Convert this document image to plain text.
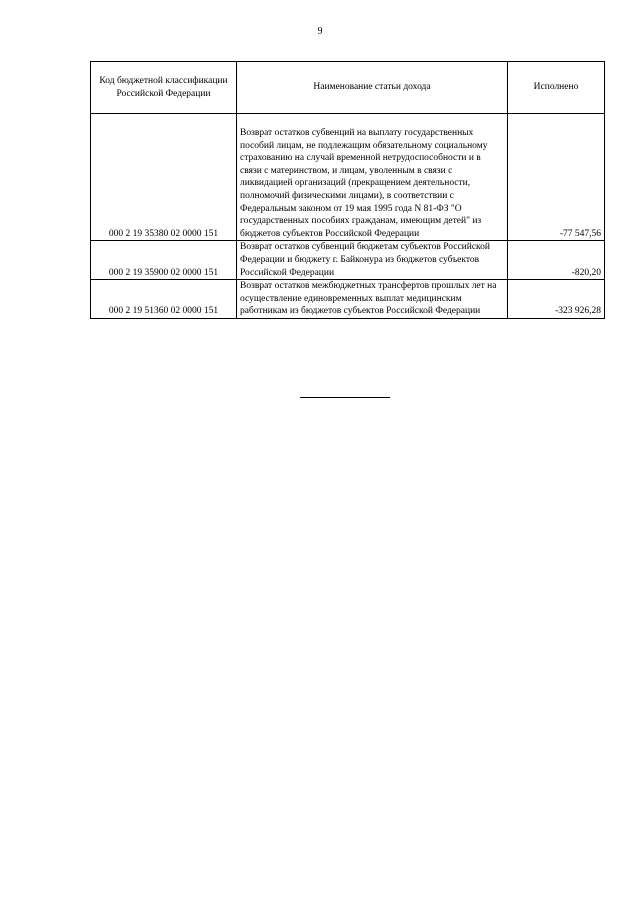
9
Код бюджетной классификации Российской Федерации	Наименование статьи дохода	Исполнено
000 2 19 35380 02 0000 151	Возврат остатков субвенций на выплату государственных пособий лицам, не подлежащим обязательному социальному страхованию на случай временной нетрудоспособности и в связи с материнством, и лицам, уволенным в связи с ликвидацией организаций (прекращением деятельности, полномочий физическими лицами), в соответствии с Федеральным законом от 19 мая 1995 года N 81-ФЗ "О государственных пособиях гражданам, имеющим детей" из бюджетов субъектов Российской Федерации	-77 547,56
000 2 19 35900 02 0000 151	Возврат остатков субвенций бюджетам субъектов Российской Федерации и бюджету г. Байконура из бюджетов субъектов Российской Федерации	-820,20
000 2 19 51360 02 0000 151	Возврат остатков межбюджетных трансфертов прошлых лет на осуществление единовременных выплат медицинским работникам из бюджетов субъектов Российской Федерации	-323 926,28
